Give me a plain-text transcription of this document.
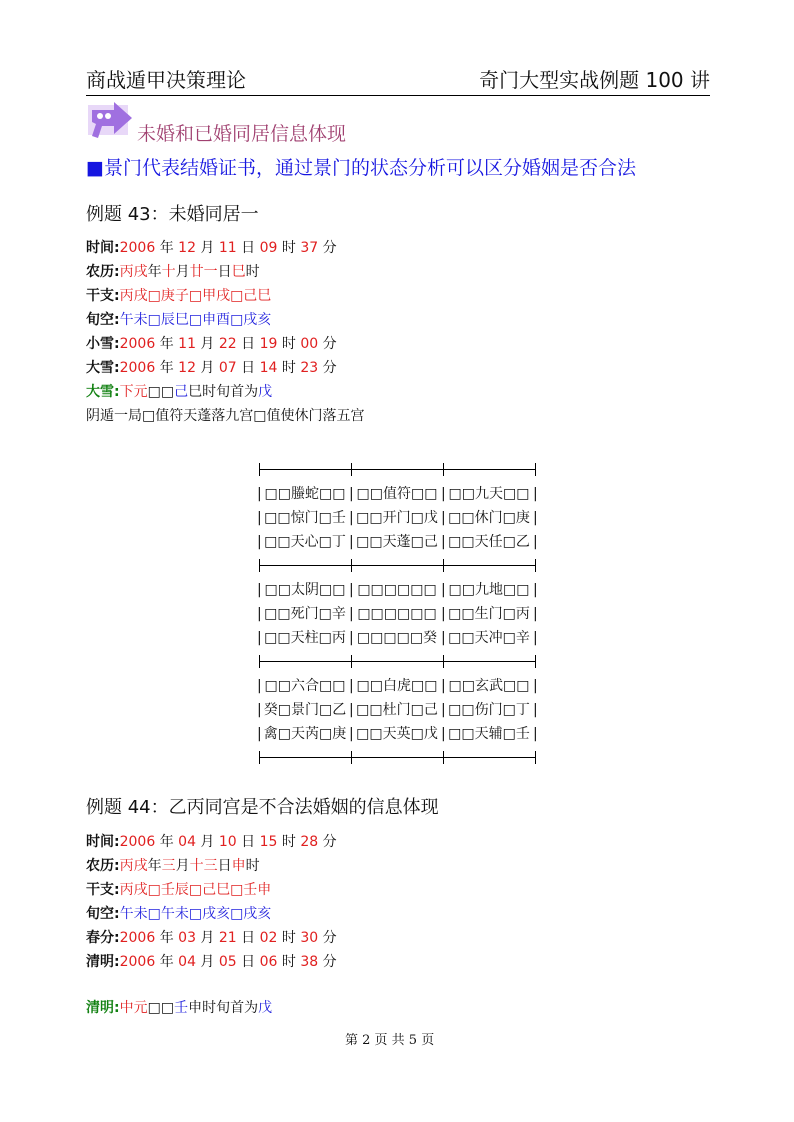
商战遁甲决策理论	奇门大型实战例题 100 讲
未婚和已婚同居信息体现
■景门代表结婚证书，通过景门的状态分析可以区分婚姻是否合法
例题 43：未婚同居一
时间:2006 年 12 月 11 日 09 时 37 分
农历:丙戌年十月廿一日巳时
干支:丙戌□庚子□甲戌□己巳
旬空:午未□辰巳□申酉□戌亥
小雪:2006 年 11 月 22 日 19 时 00 分
大雪:2006 年 12 月 07 日 14 时 23 分
大雪:下元□□己巳时旬首为戊
阴遁一局□值符天蓬落九宫□值使休门落五宫
| □□螣蛇□□ | □□值符□□ | □□九天□□ |
| □□惊门□壬 | □□开门□戊 | □□休门□庚 |
| □□天心□丁 | □□天蓬□己 | □□天任□乙 |
| □□太阴□□ | □□□□□□ | □□九地□□ |
| □□死门□辛 | □□□□□□ | □□生门□丙 |
| □□天柱□丙 | □□□□□癸 | □□天冲□辛 |
| □□六合□□ | □□白虎□□ | □□玄武□□ |
| 癸□景门□乙 | □□杜门□己 | □□伤门□丁 |
| 禽□天芮□庚 | □□天英□戊 | □□天辅□壬 |
例题 44：乙丙同宫是不合法婚姻的信息体现
时间:2006 年 04 月 10 日 15 时 28 分
农历:丙戌年三月十三日申时
干支:丙戌□壬辰□己巳□壬申
旬空:午未□午未□戌亥□戌亥
春分:2006 年 03 月 21 日 02 时 30 分
清明:2006 年 04 月 05 日 06 时 38 分
清明:中元□□壬申时旬首为戊
第 2 页 共 5 页
